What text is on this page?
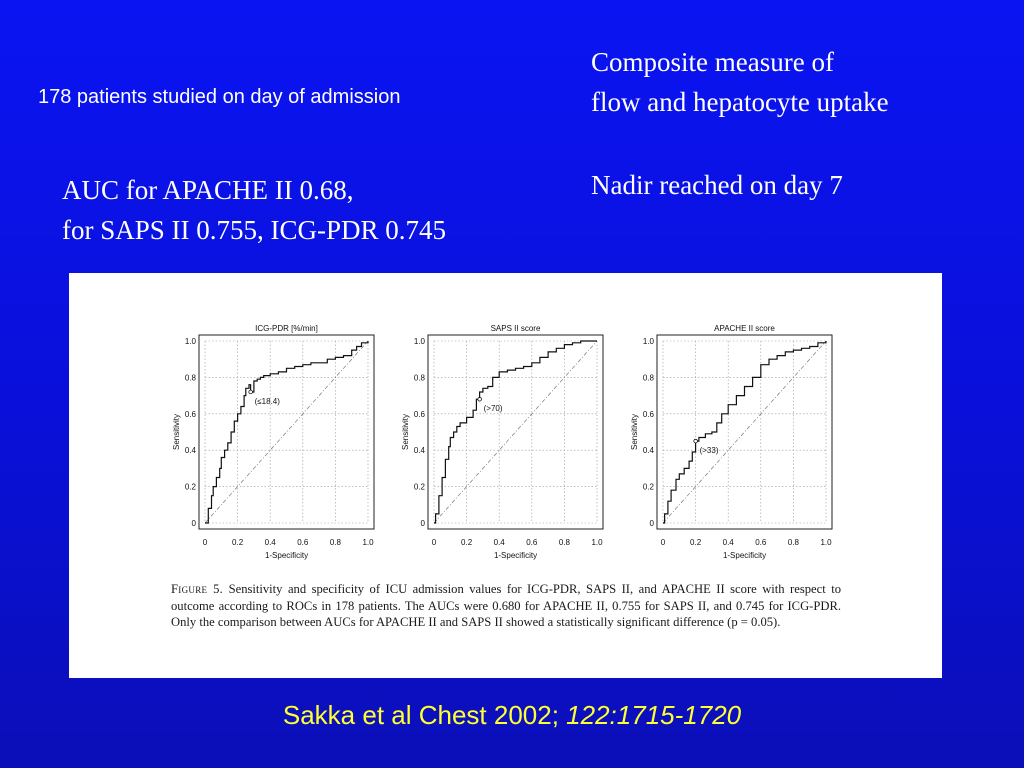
178 patients studied on day of admission
AUC for APACHE II 0.68,
for SAPS II 0.755, ICG-PDR 0.745
Composite measure of
flow and hepatocyte uptake
Nadir reached on day 7
0	0.2	0.4	0.6	0.8	1.0
0
0.2
0.4
0.6
0.8
1.0
ICG-PDR [%/min]
1-Specificity
Sensitivity
(≤18.4)
0	0.2	0.4	0.6	0.8	1.0
0
0.2
0.4
0.6
0.8
1.0
SAPS II score
1-Specificity
Sensitivity
(>70)
0	0.2	0.4	0.6	0.8	1.0
0
0.2
0.4
0.6
0.8
1.0
APACHE II score
1-Specificity
Sensitivity
(>33)
Figure 5. Sensitivity and specificity of ICU admission values for ICG-PDR, SAPS II, and APACHE II score with respect to outcome according to ROCs in 178 patients. The AUCs were 0.680 for APACHE II, 0.755 for SAPS II, and 0.745 for ICG-PDR. Only the comparison between AUCs for APACHE II and SAPS II showed a statistically significant difference (p = 0.05).
Sakka et al Chest 2002; 122:1715-1720
